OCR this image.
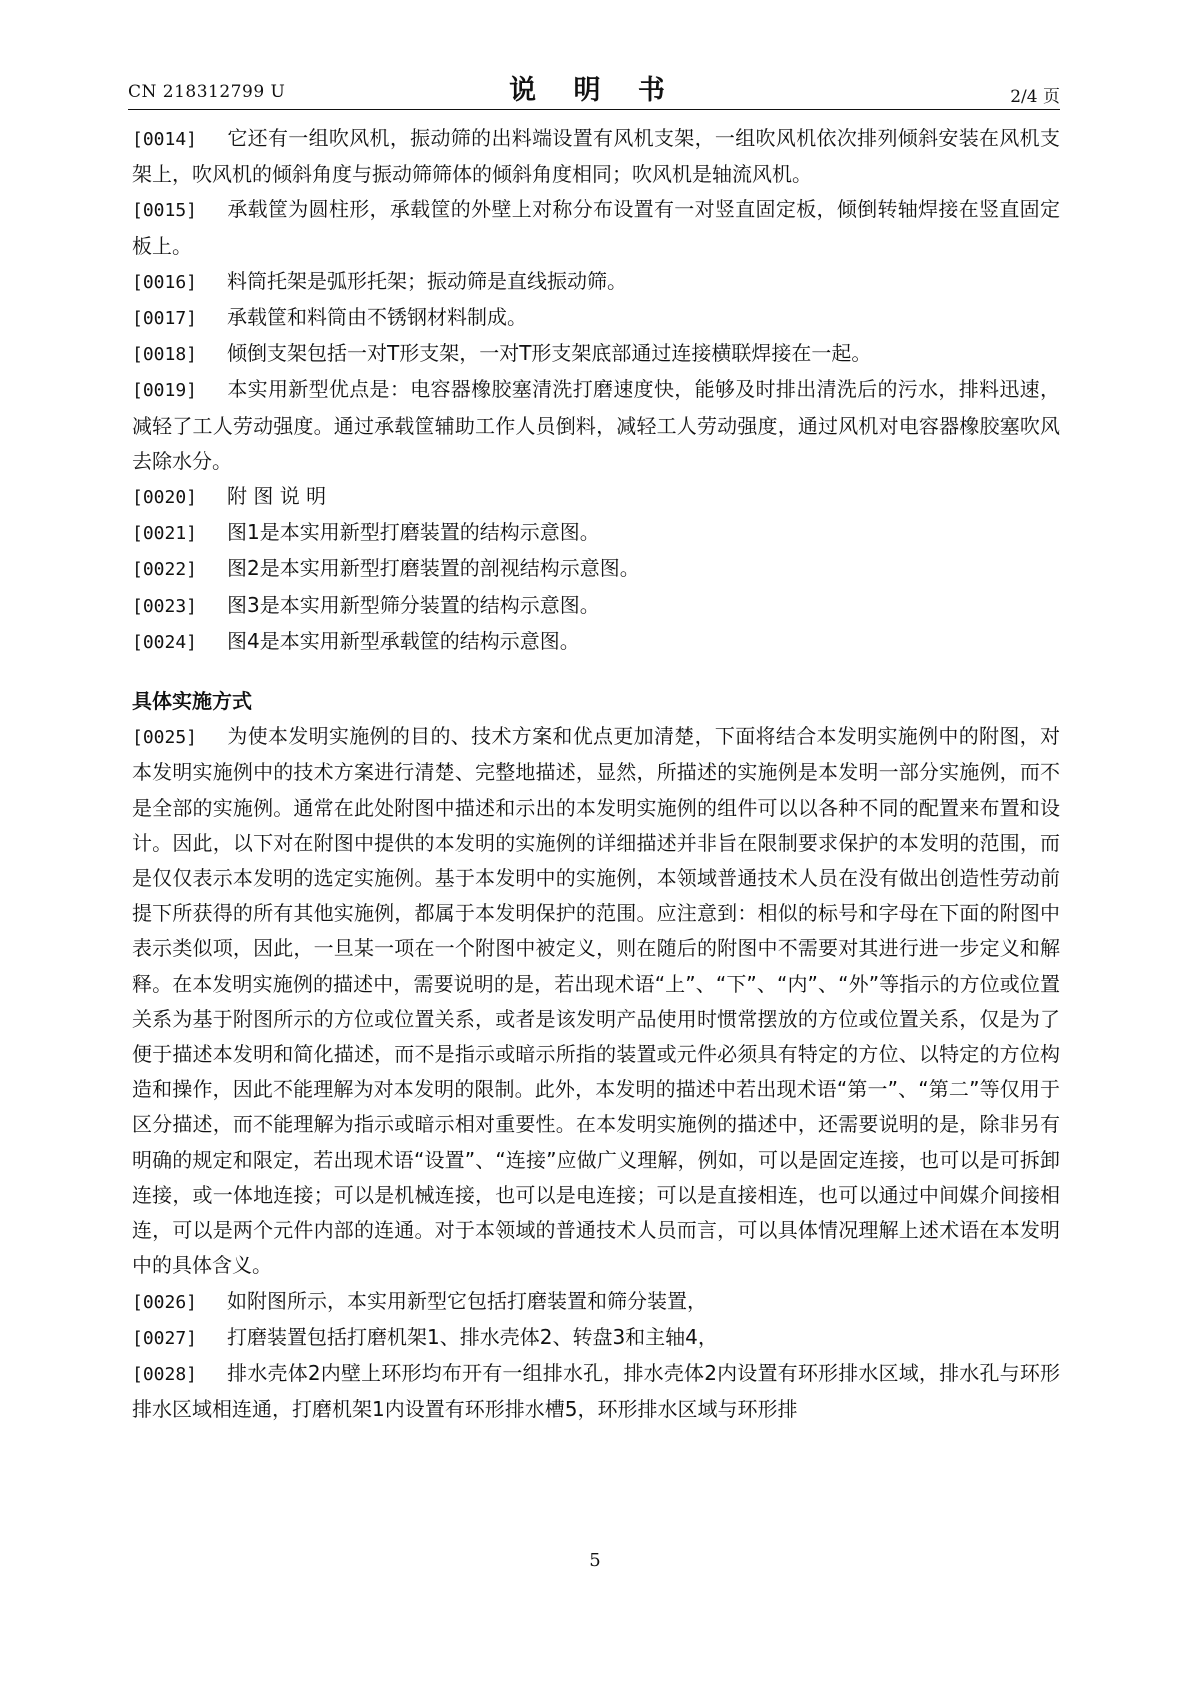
CN 218312799 U	说 明 书	2/4 页
[0014] 它还有一组吹风机，振动筛的出料端设置有风机支架，一组吹风机依次排列倾斜安装在风机支架上，吹风机的倾斜角度与振动筛筛体的倾斜角度相同；吹风机是轴流风机。
[0015] 承载筐为圆柱形，承载筐的外壁上对称分布设置有一对竖直固定板，倾倒转轴焊接在竖直固定板上。
[0016] 料筒托架是弧形托架；振动筛是直线振动筛。
[0017] 承载筐和料筒由不锈钢材料制成。
[0018] 倾倒支架包括一对T形支架，一对T形支架底部通过连接横联焊接在一起。
[0019] 本实用新型优点是：电容器橡胶塞清洗打磨速度快，能够及时排出清洗后的污水，排料迅速，减轻了工人劳动强度。通过承载筐辅助工作人员倒料，减轻工人劳动强度，通过风机对电容器橡胶塞吹风去除水分。
[0020] 附 图 说 明
[0021] 图1是本实用新型打磨装置的结构示意图。
[0022] 图2是本实用新型打磨装置的剖视结构示意图。
[0023] 图3是本实用新型筛分装置的结构示意图。
[0024] 图4是本实用新型承载筐的结构示意图。
具体实施方式
[0025] 为使本发明实施例的目的、技术方案和优点更加清楚，下面将结合本发明实施例中的附图，对本发明实施例中的技术方案进行清楚、完整地描述，显然，所描述的实施例是本发明一部分实施例，而不是全部的实施例。通常在此处附图中描述和示出的本发明实施例的组件可以以各种不同的配置来布置和设计。因此，以下对在附图中提供的本发明的实施例的详细描述并非旨在限制要求保护的本发明的范围，而是仅仅表示本发明的选定实施例。基于本发明中的实施例，本领域普通技术人员在没有做出创造性劳动前提下所获得的所有其他实施例，都属于本发明保护的范围。应注意到：相似的标号和字母在下面的附图中表示类似项，因此，一旦某一项在一个附图中被定义，则在随后的附图中不需要对其进行进一步定义和解释。在本发明实施例的描述中，需要说明的是，若出现术语“上”、“下”、“内”、“外”等指示的方位或位置关系为基于附图所示的方位或位置关系，或者是该发明产品使用时惯常摆放的方位或位置关系，仅是为了便于描述本发明和简化描述，而不是指示或暗示所指的装置或元件必须具有特定的方位、以特定的方位构造和操作，因此不能理解为对本发明的限制。此外，本发明的描述中若出现术语“第一”、“第二”等仅用于区分描述，而不能理解为指示或暗示相对重要性。在本发明实施例的描述中，还需要说明的是，除非另有明确的规定和限定，若出现术语“设置”、“连接”应做广义理解，例如，可以是固定连接，也可以是可拆卸连接，或一体地连接；可以是机械连接，也可以是电连接；可以是直接相连，也可以通过中间媒介间接相连，可以是两个元件内部的连通。对于本领域的普通技术人员而言，可以具体情况理解上述术语在本发明中的具体含义。
[0026] 如附图所示，本实用新型它包括打磨装置和筛分装置，
[0027] 打磨装置包括打磨机架1、排水壳体2、转盘3和主轴4，
[0028] 排水壳体2内壁上环形均布开有一组排水孔，排水壳体2内设置有环形排水区域，排水孔与环形排水区域相连通，打磨机架1内设置有环形排水槽5，环形排水区域与环形排
5
